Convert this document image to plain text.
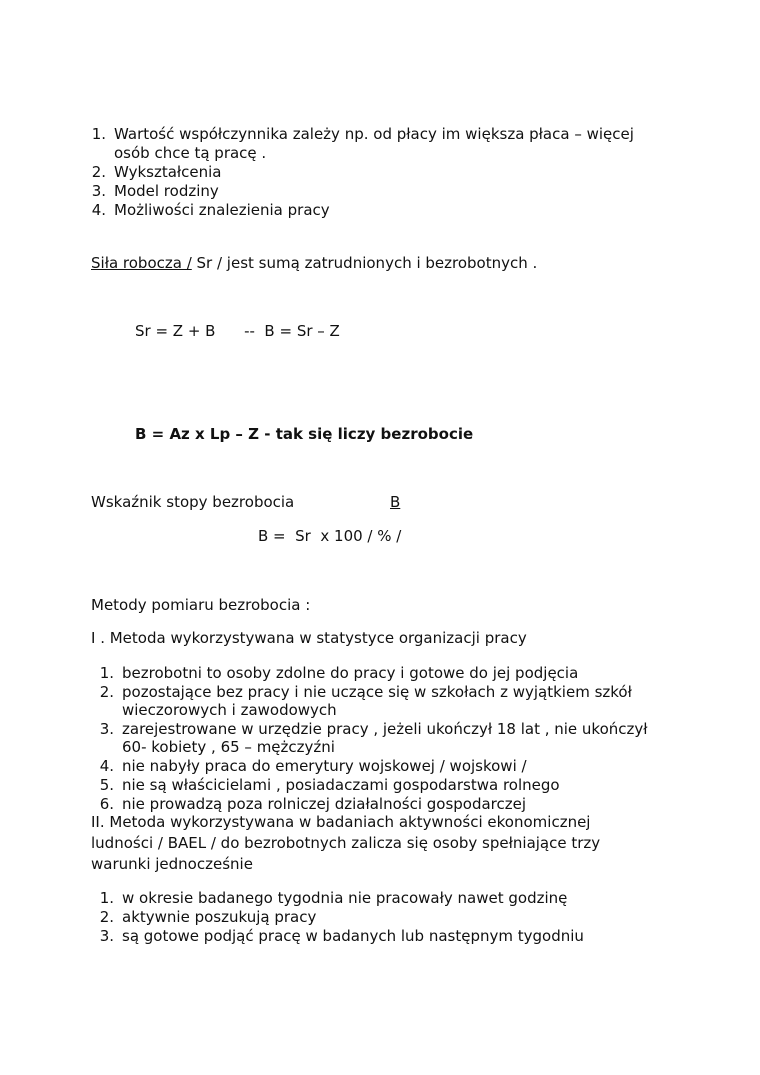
1. Wartość współczynnika zależy np. od płacy im większa płaca – więcej
osób chce tą pracę .
2. Wykształcenia
3. Model rodziny
4. Możliwości znalezienia pracy
Siła robocza / Sr / jest sumą zatrudnionych i bezrobotnych .
Sr = Z + B      --  B = Sr – Z
B = Az x Lp – Z - tak się liczy bezrobocie
Wskaźnik stopy bezrobocia	B
B =  Sr  x 100 / % /
Metody pomiaru bezrobocia :
I . Metoda wykorzystywana w statystyce organizacji pracy
1. bezrobotni to osoby zdolne do pracy i gotowe do jej podjęcia
2. pozostające bez pracy i nie uczące się w szkołach z wyjątkiem szkół
wieczorowych i zawodowych
3. zarejestrowane w urzędzie pracy , jeżeli ukończył 18 lat , nie ukończył
60- kobiety , 65 – mężczyźni
4. nie nabyły praca do emerytury wojskowej / wojskowi /
5. nie są właścicielami , posiadaczami gospodarstwa rolnego
6. nie prowadzą poza rolniczej działalności gospodarczej
II. Metoda wykorzystywana w badaniach aktywności ekonomicznej
ludności / BAEL / do bezrobotnych zalicza się osoby spełniające trzy
warunki jednocześnie
1. w okresie badanego tygodnia nie pracowały nawet godzinę
2. aktywnie poszukują pracy
3. są gotowe podjąć pracę w badanych lub następnym tygodniu
